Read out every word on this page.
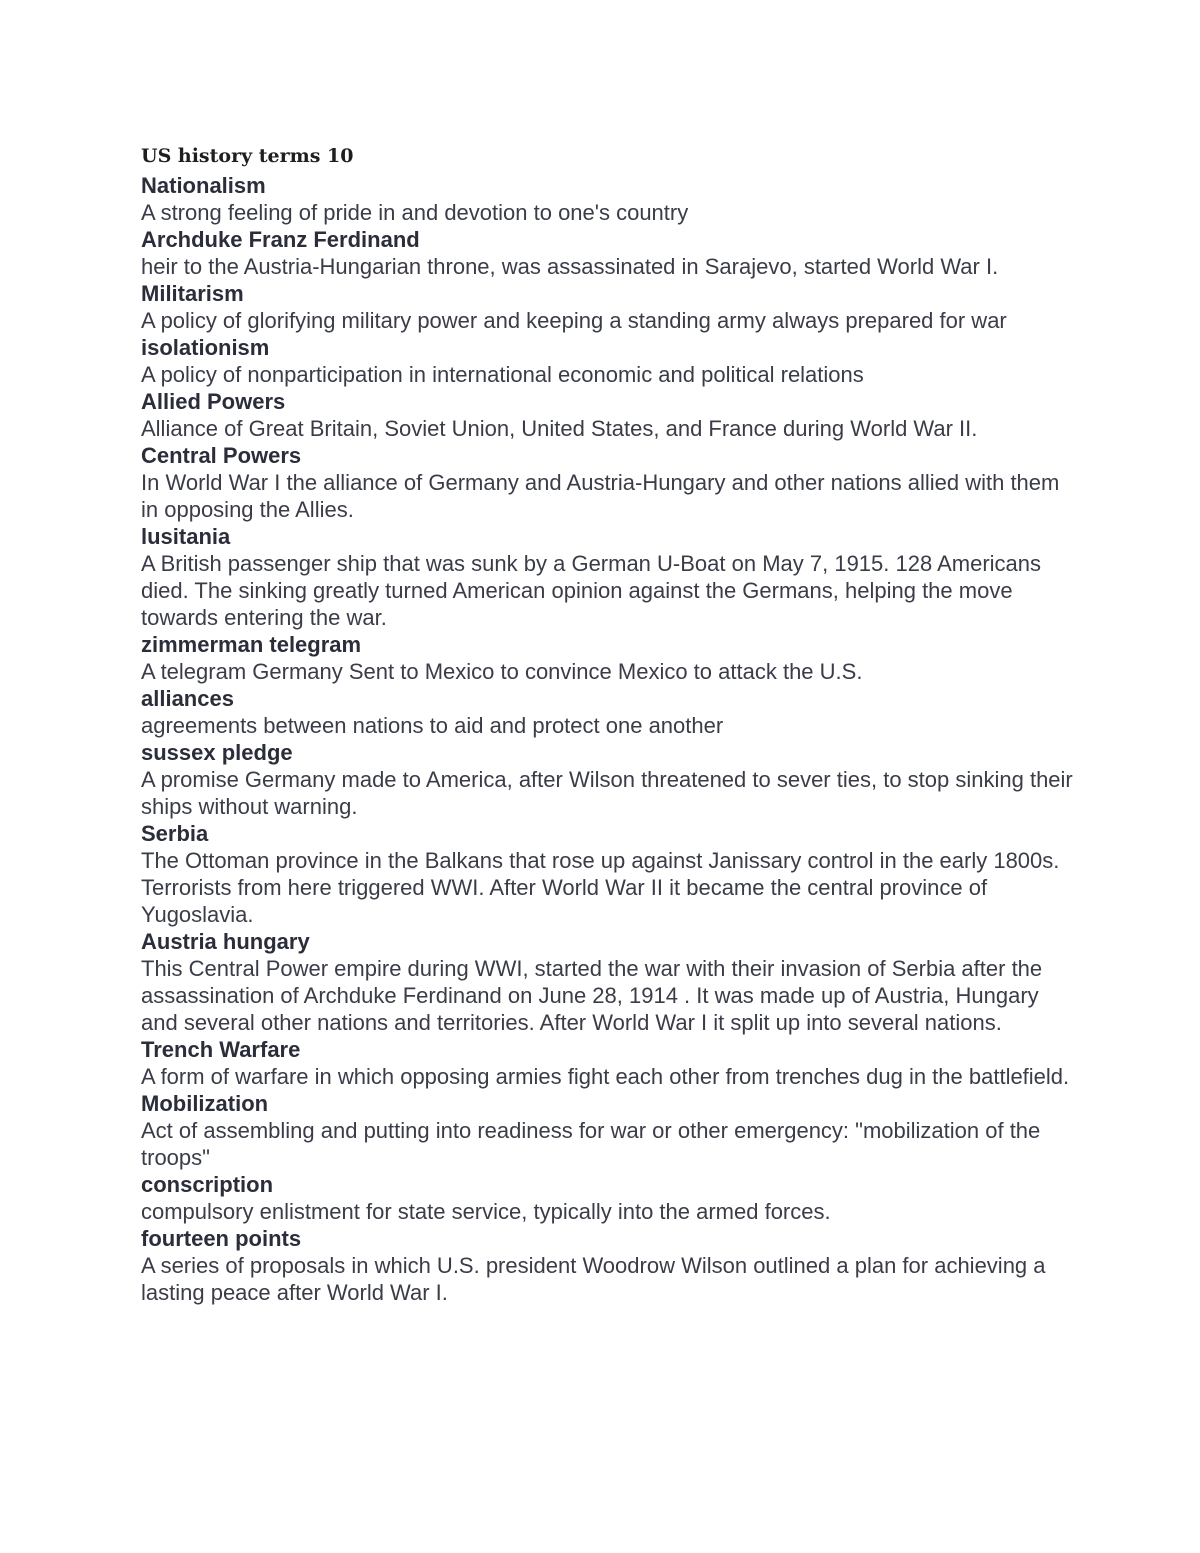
US history terms 10
Nationalism
A strong feeling of pride in and devotion to one's country
Archduke Franz Ferdinand
heir to the Austria-Hungarian throne, was assassinated in Sarajevo, started World War I.
Militarism
A policy of glorifying military power and keeping a standing army always prepared for war
isolationism
A policy of nonparticipation in international economic and political relations
Allied Powers
Alliance of Great Britain, Soviet Union, United States, and France during World War II.
Central Powers
In World War I the alliance of Germany and Austria-Hungary and other nations allied with them in opposing the Allies.
lusitania
A British passenger ship that was sunk by a German U-Boat on May 7, 1915. 128 Americans died. The sinking greatly turned American opinion against the Germans, helping the move towards entering the war.
zimmerman telegram
A telegram Germany Sent to Mexico to convince Mexico to attack the U.S.
alliances
agreements between nations to aid and protect one another
sussex pledge
A promise Germany made to America, after Wilson threatened to sever ties, to stop sinking their ships without warning.
Serbia
The Ottoman province in the Balkans that rose up against Janissary control in the early 1800s. Terrorists from here triggered WWI. After World War II it became the central province of Yugoslavia.
Austria hungary
This Central Power empire during WWI, started the war with their invasion of Serbia after the assassination of Archduke Ferdinand on June 28, 1914 . It was made up of Austria, Hungary and several other nations and territories. After World War I it split up into several nations.
Trench Warfare
A form of warfare in which opposing armies fight each other from trenches dug in the battlefield.
Mobilization
Act of assembling and putting into readiness for war or other emergency: "mobilization of the troops"
conscription
compulsory enlistment for state service, typically into the armed forces.
fourteen points
A series of proposals in which U.S. president Woodrow Wilson outlined a plan for achieving a lasting peace after World War I.
